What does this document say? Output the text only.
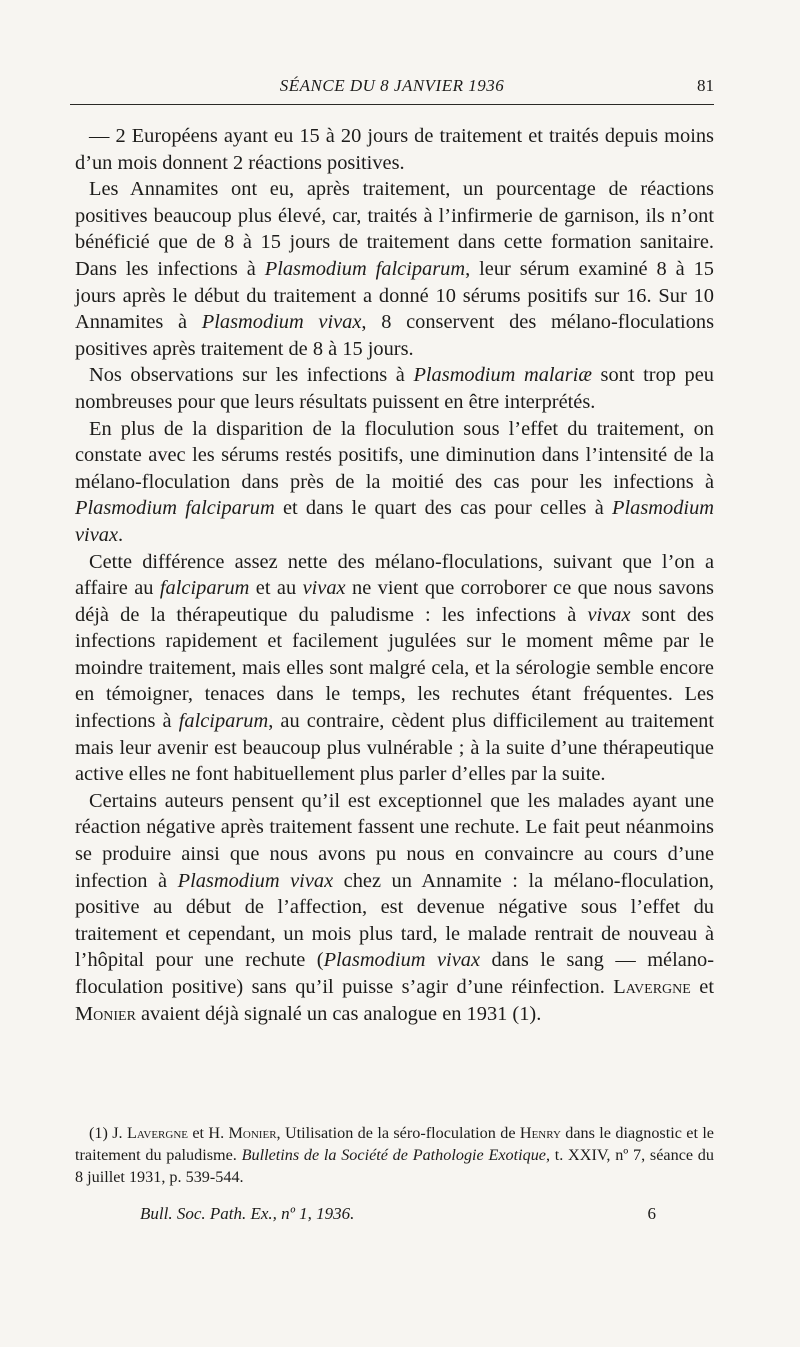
SÉANCE DU 8 JANVIER 1936	81

— 2 Européens ayant eu 15 à 20 jours de traitement et traités depuis moins d’un mois donnent 2 réactions positives.

Les Annamites ont eu, après traitement, un pourcentage de réactions positives beaucoup plus élevé, car, traités à l’infirmerie de garnison, ils n’ont bénéficié que de 8 à 15 jours de traitement dans cette formation sanitaire. Dans les infections à Plasmodium falciparum, leur sérum examiné 8 à 15 jours après le début du traitement a donné 10 sérums positifs sur 16. Sur 10 Annamites à Plasmodium vivax, 8 conservent des mélano-floculations positives après traitement de 8 à 15 jours.

Nos observations sur les infections à Plasmodium malariæ sont trop peu nombreuses pour que leurs résultats puissent en être interprétés.

En plus de la disparition de la floculution sous l’effet du traitement, on constate avec les sérums restés positifs, une diminution dans l’intensité de la mélano-floculation dans près de la moitié des cas pour les infections à Plasmodium falciparum et dans le quart des cas pour celles à Plasmodium vivax.

Cette différence assez nette des mélano-floculations, suivant que l’on a affaire au falciparum et au vivax ne vient que corroborer ce que nous savons déjà de la thérapeutique du paludisme : les infections à vivax sont des infections rapidement et facilement jugulées sur le moment même par le moindre traitement, mais elles sont malgré cela, et la sérologie semble encore en témoigner, tenaces dans le temps, les rechutes étant fréquentes. Les infections à falciparum, au contraire, cèdent plus difficilement au traitement mais leur avenir est beaucoup plus vulnérable ; à la suite d’une thérapeutique active elles ne font habituellement plus parler d’elles par la suite.

Certains auteurs pensent qu’il est exceptionnel que les malades ayant une réaction négative après traitement fassent une rechute. Le fait peut néanmoins se produire ainsi que nous avons pu nous en convaincre au cours d’une infection à Plasmodium vivax chez un Annamite : la mélano-floculation, positive au début de l’affection, est devenue négative sous l’effet du traitement et cependant, un mois plus tard, le malade rentrait de nouveau à l’hôpital pour une rechute (Plasmodium vivax dans le sang — mélano-floculation positive) sans qu’il puisse s’agir d’une réinfection. Lavergne et Monier avaient déjà signalé un cas analogue en 1931 (1).

(1) J. Lavergne et H. Monier, Utilisation de la séro-floculation de Henry dans le diagnostic et le traitement du paludisme. Bulletins de la Société de Pathologie Exotique, t. XXIV, nº 7, séance du 8 juillet 1931, p. 539-544.

Bull. Soc. Path. Ex., nº 1, 1936.	6
